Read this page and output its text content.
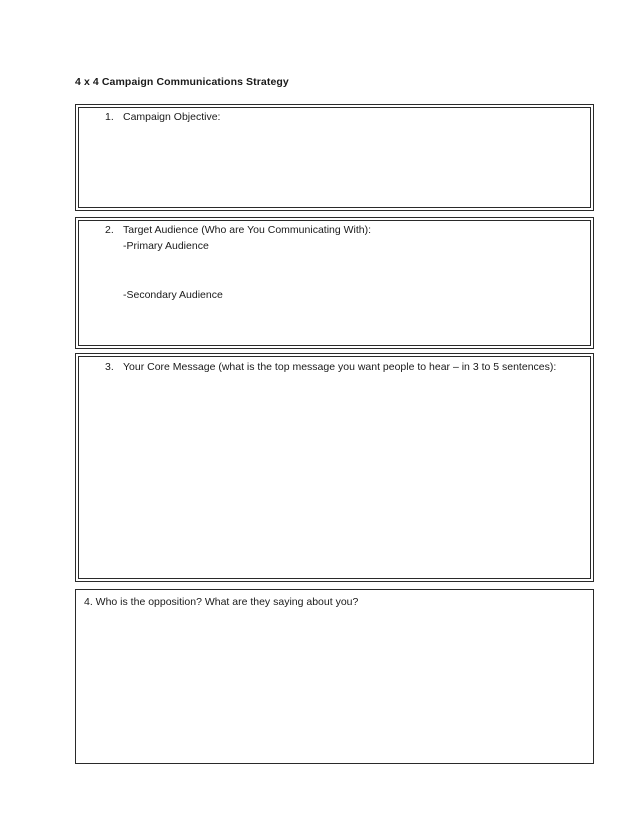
4 x 4 Campaign Communications Strategy
1. Campaign Objective:
2. Target Audience (Who are You Communicating With):
-Primary Audience
-Secondary Audience
3. Your Core Message (what is the top message you want people to hear – in 3 to 5 sentences):
4. Who is the opposition? What are they saying about you?
